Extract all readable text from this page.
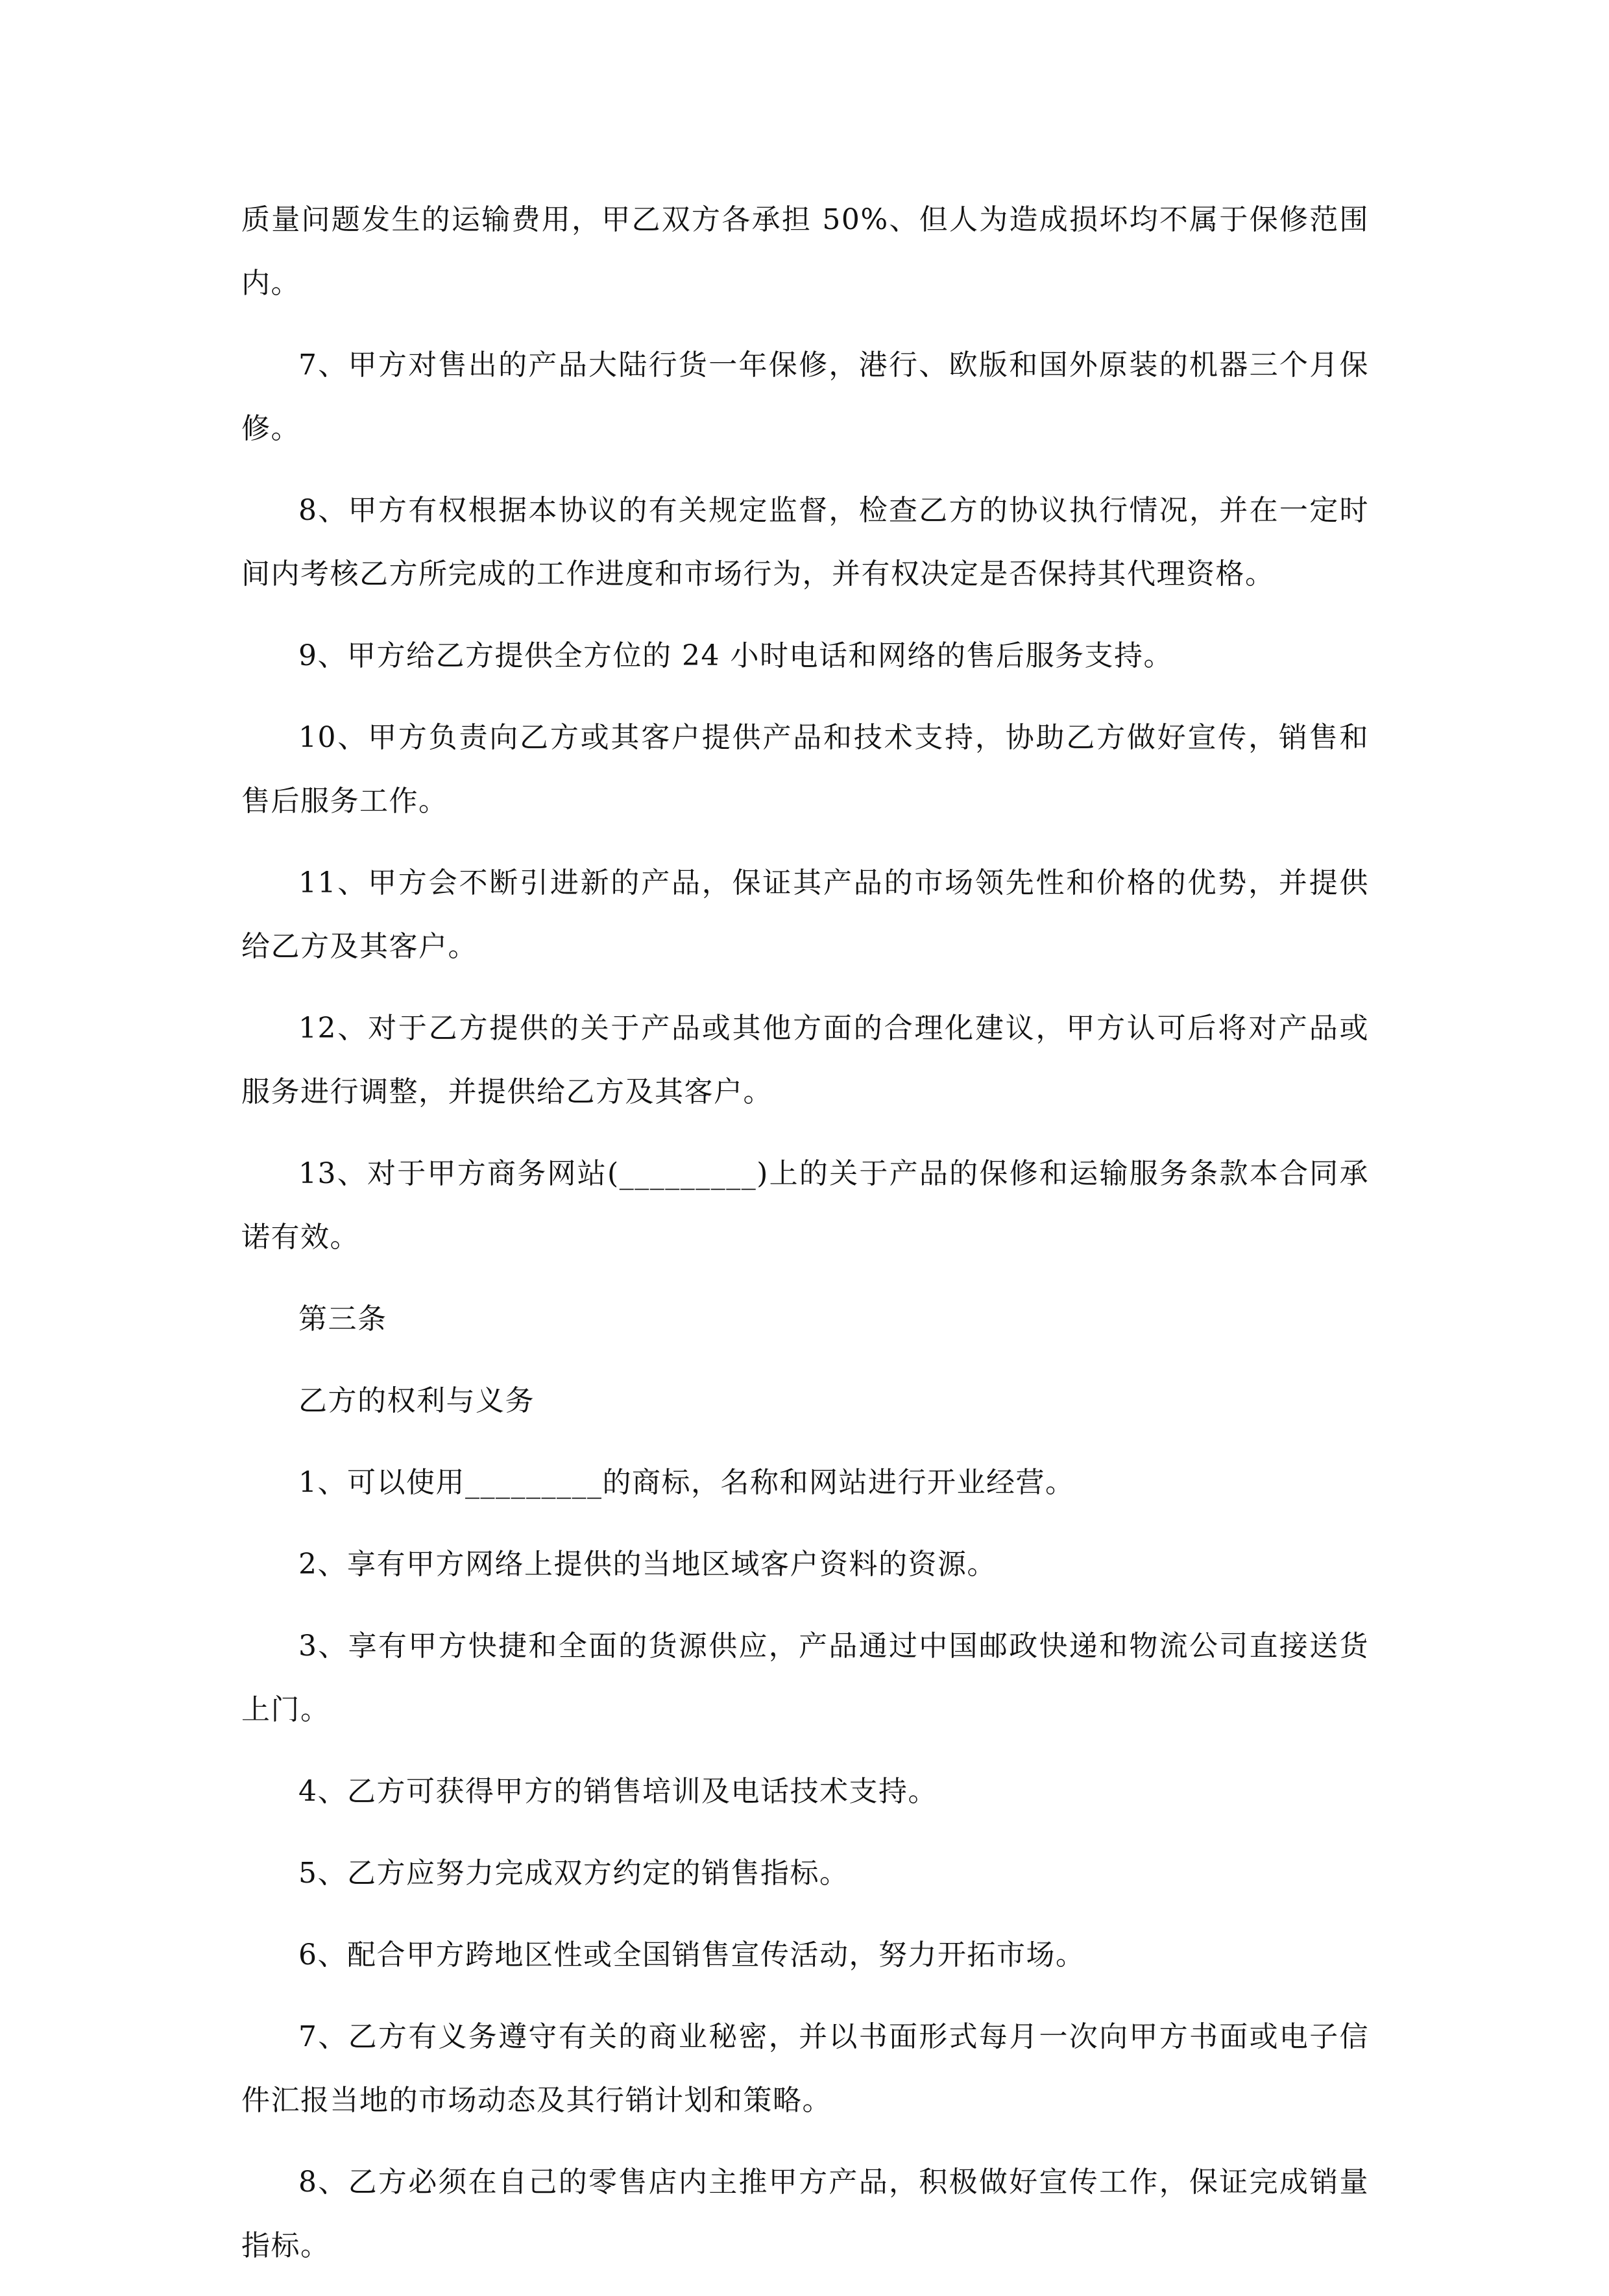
质量问题发生的运输费用，甲乙双方各承担 50%、但人为造成损坏均不属于保修范围内。

7、甲方对售出的产品大陆行货一年保修，港行、欧版和国外原装的机器三个月保修。

8、甲方有权根据本协议的有关规定监督，检查乙方的协议执行情况，并在一定时间内考核乙方所完成的工作进度和市场行为，并有权决定是否保持其代理资格。

9、甲方给乙方提供全方位的 24 小时电话和网络的售后服务支持。

10、甲方负责向乙方或其客户提供产品和技术支持，协助乙方做好宣传，销售和售后服务工作。

11、甲方会不断引进新的产品，保证其产品的市场领先性和价格的优势，并提供给乙方及其客户。

12、对于乙方提供的关于产品或其他方面的合理化建议，甲方认可后将对产品或服务进行调整，并提供给乙方及其客户。

13、对于甲方商务网站(_________)上的关于产品的保修和运输服务条款本合同承诺有效。

第三条

乙方的权利与义务

1、可以使用_________的商标，名称和网站进行开业经营。

2、享有甲方网络上提供的当地区域客户资料的资源。

3、享有甲方快捷和全面的货源供应，产品通过中国邮政快递和物流公司直接送货上门。

4、乙方可获得甲方的销售培训及电话技术支持。

5、乙方应努力完成双方约定的销售指标。

6、配合甲方跨地区性或全国销售宣传活动，努力开拓市场。

7、乙方有义务遵守有关的商业秘密，并以书面形式每月一次向甲方书面或电子信件汇报当地的市场动态及其行销计划和策略。

8、乙方必须在自己的零售店内主推甲方产品，积极做好宣传工作，保证完成销量指标。
